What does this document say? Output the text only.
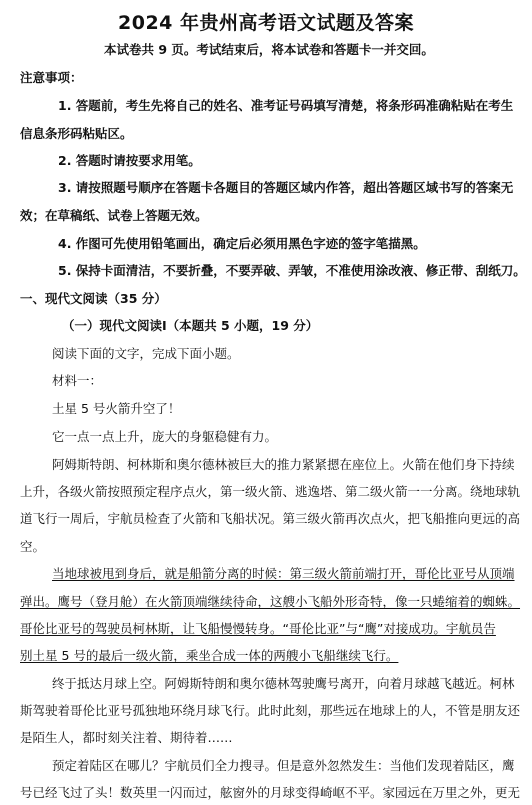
2024 年贵州高考语文试题及答案
本试卷共 9 页。考试结束后，将本试卷和答题卡一并交回。
注意事项：
1. 答题前，考生先将自己的姓名、准考证号码填写清楚，将条形码准确粘贴在考生
信息条形码粘贴区。
2. 答题时请按要求用笔。
3. 请按照题号顺序在答题卡各题目的答题区域内作答，超出答题区域书写的答案无
效；在草稿纸、试卷上答题无效。
4. 作图可先使用铅笔画出，确定后必须用黑色字迹的签字笔描黑。
5. 保持卡面清洁，不要折叠，不要弄破、弄皱，不准使用涂改液、修正带、刮纸刀。
一、现代文阅读（35 分）
（一）现代文阅读Ⅰ（本题共 5 小题，19 分）
阅读下面的文字，完成下面小题。
材料一：
土星 5 号火箭升空了！
它一点一点上升，庞大的身躯稳健有力。
阿姆斯特朗、柯林斯和奥尔德林被巨大的推力紧紧摁在座位上。火箭在他们身下持续
上升，各级火箭按照预定程序点火，第一级火箭、逃逸塔、第二级火箭一一分离。绕地球轨
道飞行一周后，宇航员检查了火箭和飞船状况。第三级火箭再次点火，把飞船推向更远的高
空。
当地球被甩到身后，就是船箭分离的时候：第三级火箭前端打开，哥伦比亚号从顶端
弹出。鹰号（登月舱）在火箭顶端继续待命，这艘小飞船外形奇特，像一只蜷缩着的蜘蛛。
哥伦比亚号的驾驶员柯林斯，让飞船慢慢转身。“哥伦比亚”与“鹰”对接成功。宇航员告
别土星 5 号的最后一级火箭，乘坐合成一体的两艘小飞船继续飞行。
终于抵达月球上空。阿姆斯特朗和奥尔德林驾驶鹰号离开，向着月球越飞越近。柯林
斯驾驶着哥伦比亚号孤独地环绕月球飞行。此时此刻，那些远在地球上的人，不管是朋友还
是陌生人，都时刻关注着、期待着……
预定着陆区在哪儿？宇航员们全力搜寻。但是意外忽然发生：当他们发现着陆区，鹰
号已经飞过了头！数英里一闪而过，舷窗外的月球变得崎岖不平。家园远在万里之外，更无
